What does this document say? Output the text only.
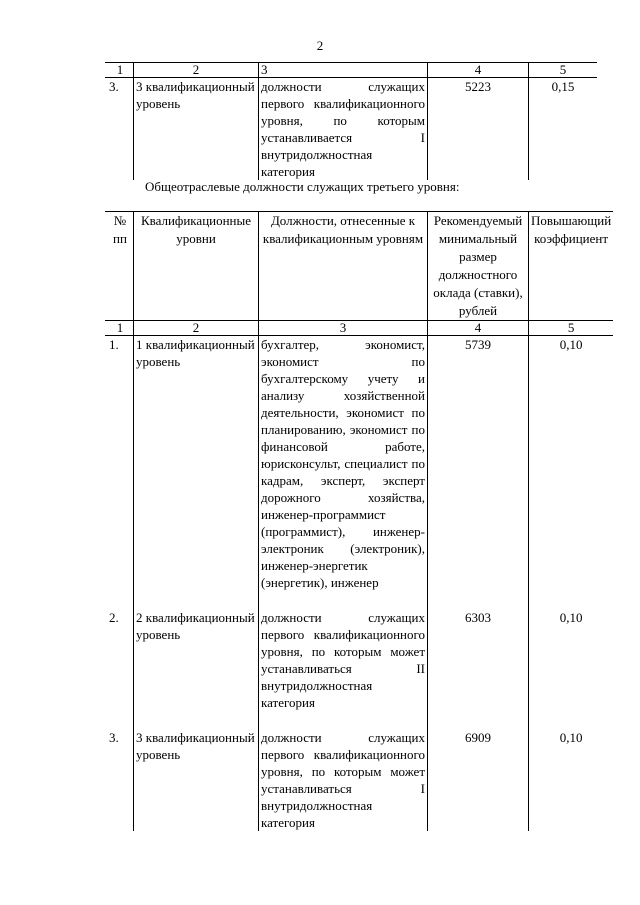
2
1	2	3	4	5
3.	3 квалификационный уровень	должности служащих первого квалификационного уровня, по которым устанавливается I внутридолжностная категория	5223	0,15
Общеотраслевые должности служащих третьего уровня:
№ пп	Квалификационные уровни	Должности, отнесенные к квалификационным уровням	Рекомендуемый минимальный размер должностного оклада (ставки), рублей	Повышающий коэффициент
1	2	3	4	5
1.	1 квалификационный уровень	бухгалтер, экономист, экономист по бухгалтерскому учету и анализу хозяйственной деятельности, экономист по планированию, экономист по финансовой работе, юрисконсульт, специалист по кадрам, эксперт, эксперт дорожного хозяйства, инженер-программист (программист), инженер-электроник (электроник), инженер-энергетик (энергетик), инженер	5739	0,10

2.	2 квалификационный уровень	должности служащих первого квалификационного уровня, по которым может устанавливаться II внутридолжностная категория	6303	0,10

3.	3 квалификационный уровень	должности служащих первого квалификационного уровня, по которым может устанавливаться I внутридолжностная категория	6909	0,10
